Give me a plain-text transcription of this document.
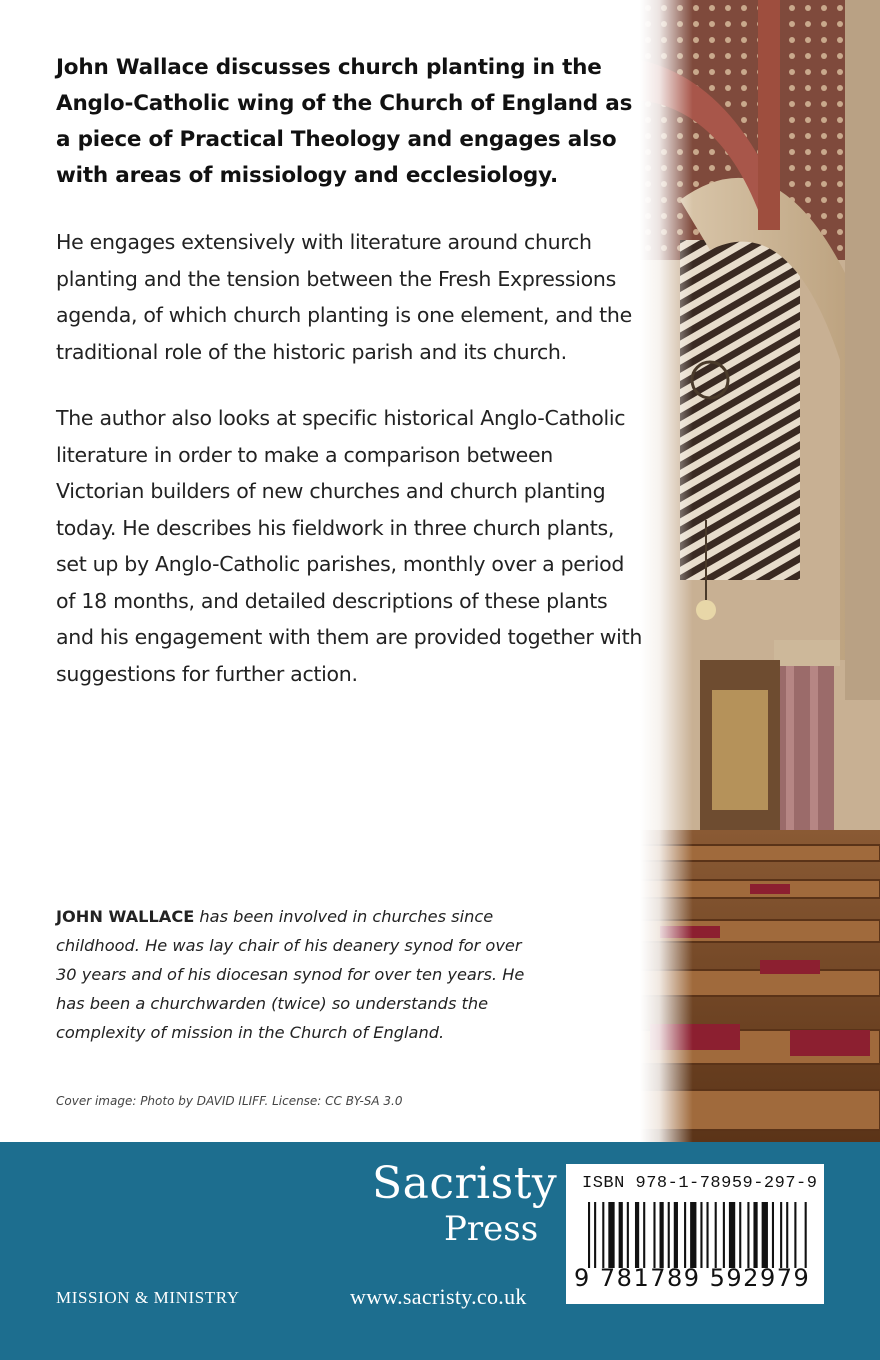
John Wallace discusses church planting in the Anglo-Catholic wing of the Church of England as a piece of Practical Theology and engages also with areas of missiology and ecclesiology.

He engages extensively with literature around church planting and the tension between the Fresh Expressions agenda, of which church planting is one element, and the traditional role of the historic parish and its church.

The author also looks at specific historical Anglo-Catholic literature in order to make a comparison between Victorian builders of new churches and church planting today. He describes his fieldwork in three church plants, set up by Anglo-Catholic parishes, monthly over a period of 18 months, and detailed descriptions of these plants and his engagement with them are provided together with suggestions for further action.

JOHN WALLACE has been involved in churches since childhood. He was lay chair of his deanery synod for over 30 years and of his diocesan synod for over ten years. He has been a churchwarden (twice) so understands the complexity of mission in the Church of England.

Cover image: Photo by DAVID ILIFF. License: CC BY-SA 3.0

Sacristy
Press
MISSION & MINISTRY	www.sacristy.co.uk
ISBN 978-1-78959-297-9
9 781789 592979
